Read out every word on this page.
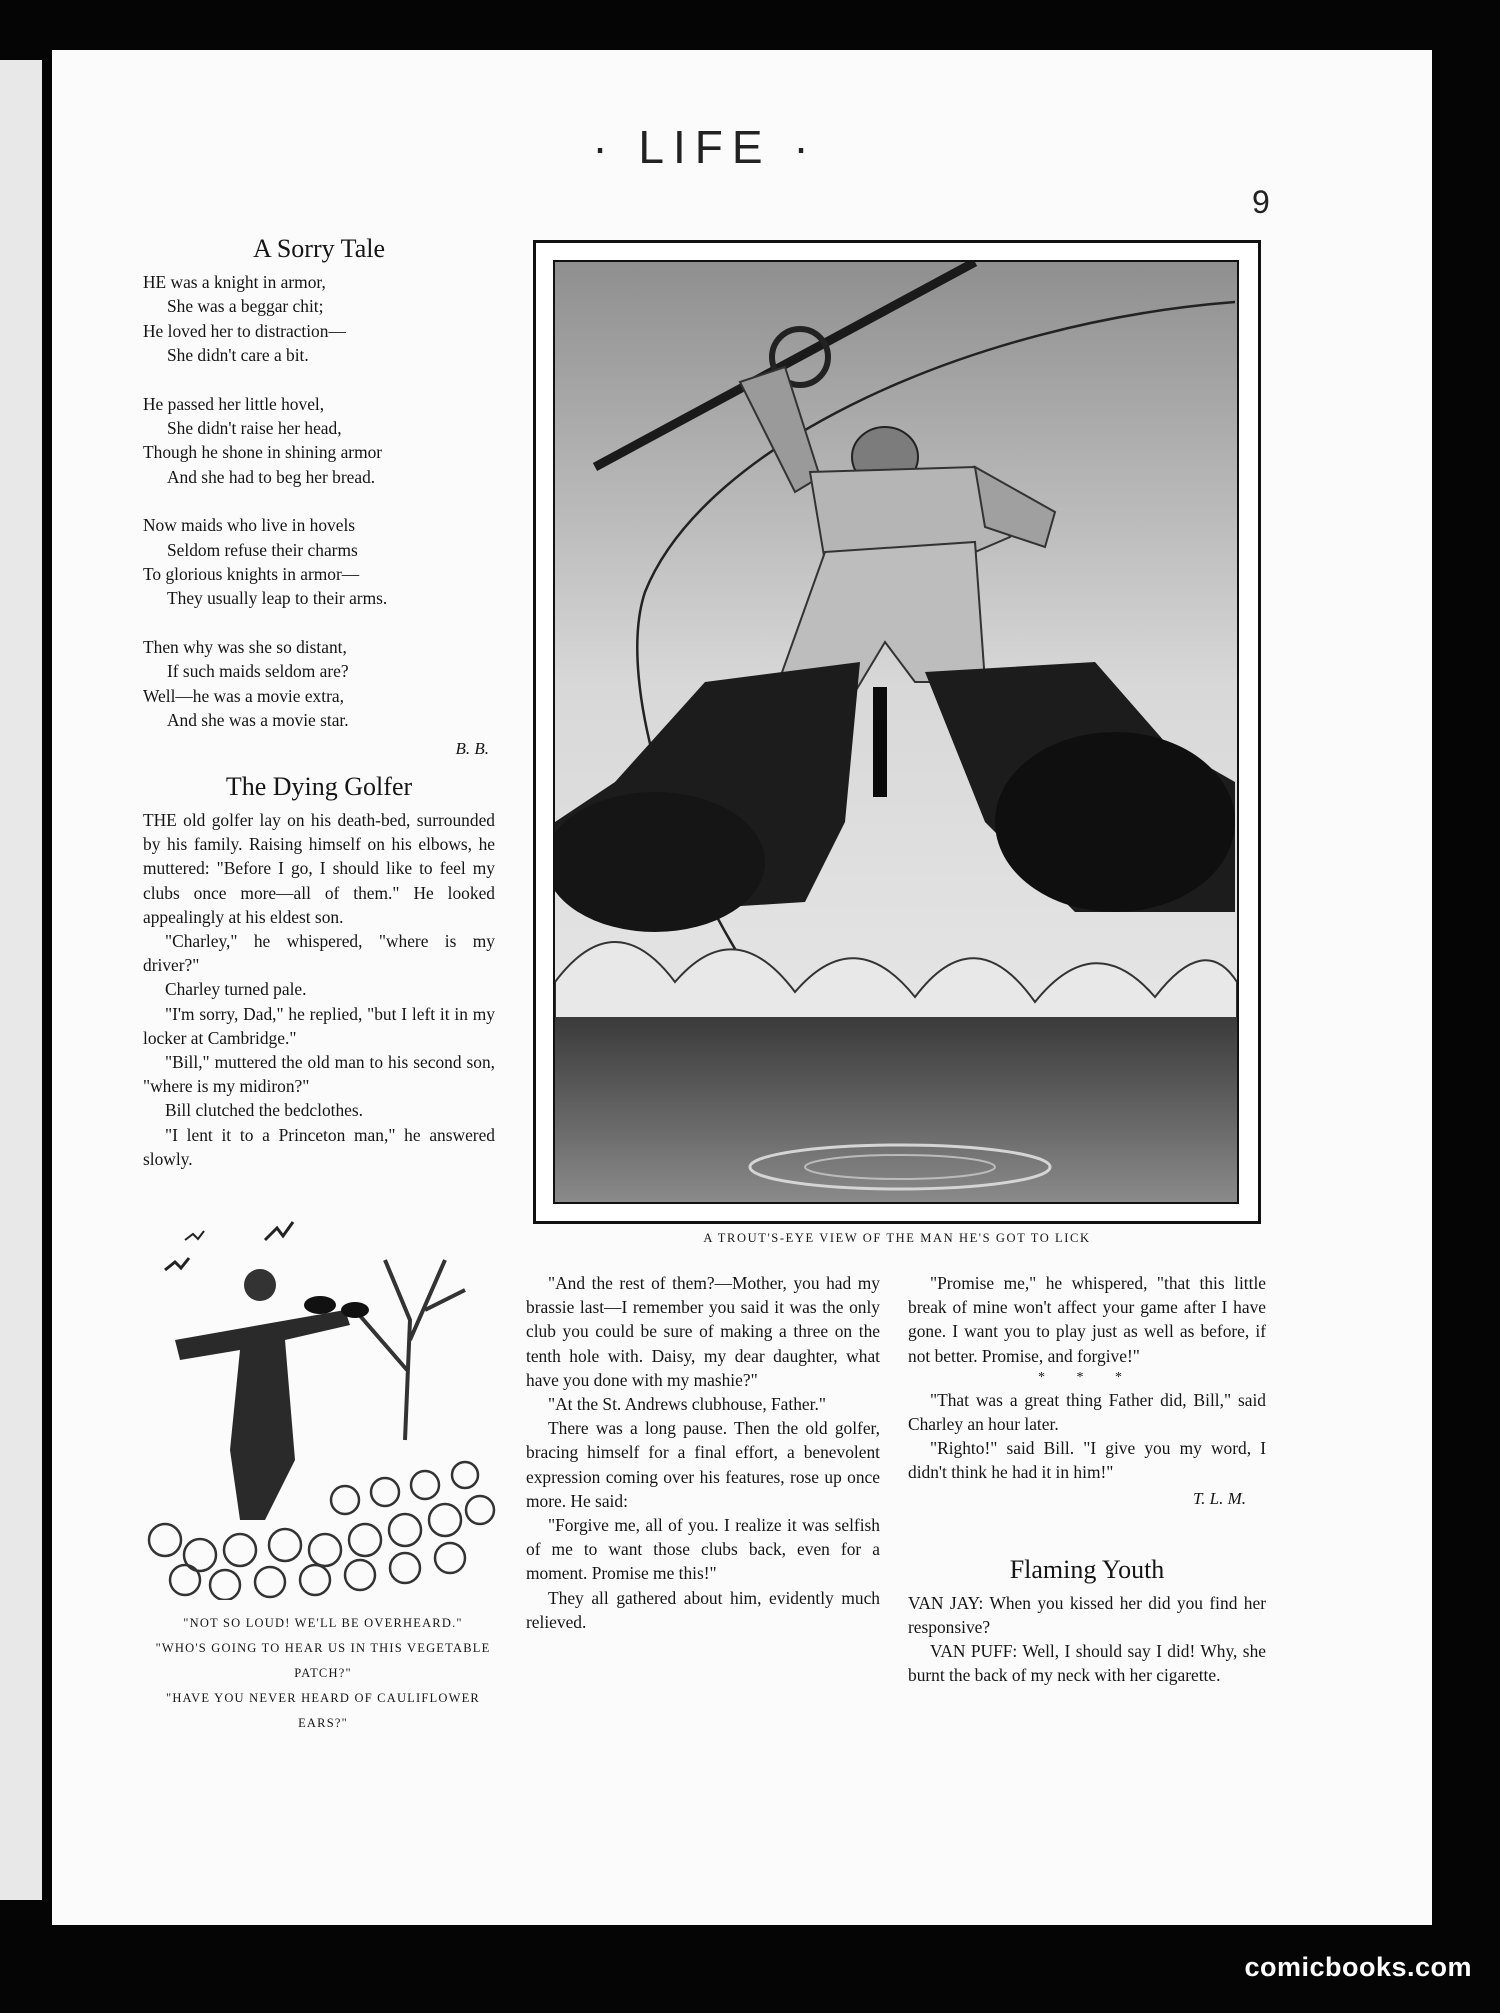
· LIFE ·
9
A Sorry Tale

HE was a knight in armor,
She was a beggar chit;
He loved her to distraction—
She didn't care a bit.

He passed her little hovel,
She didn't raise her head,
Though he shone in shining armor
And she had to beg her bread.

Now maids who live in hovels
Seldom refuse their charms
To glorious knights in armor—
They usually leap to their arms.

Then why was she so distant,
If such maids seldom are?
Well—he was a movie extra,
And she was a movie star.

B. B.
The Dying Golfer

THE old golfer lay on his death-bed, surrounded by his family. Raising himself on his elbows, he muttered: "Before I go, I should like to feel my clubs once more—all of them." He looked appealingly at his eldest son.

"Charley," he whispered, "where is my driver?"

Charley turned pale.

"I'm sorry, Dad," he replied, "but I left it in my locker at Cambridge."

"Bill," muttered the old man to his second son, "where is my midiron?"

Bill clutched the bedclothes.

"I lent it to a Princeton man," he answered slowly.

A TROUT'S-EYE VIEW OF THE MAN HE'S GOT TO LICK
"NOT SO LOUD! WE'LL BE OVERHEARD."
"WHO'S GOING TO HEAR US IN THIS VEGETABLE PATCH?"
"HAVE YOU NEVER HEARD OF CAULIFLOWER EARS?"

"And the rest of them?—Mother, you had my brassie last—I remember you said it was the only club you could be sure of making a three on the tenth hole with. Daisy, my dear daughter, what have you done with my mashie?"

"At the St. Andrews clubhouse, Father."

There was a long pause. Then the old golfer, bracing himself for a final effort, a benevolent expression coming over his features, rose up once more. He said:

"Forgive me, all of you. I realize it was selfish of me to want those clubs back, even for a moment. Promise me this!"

They all gathered about him, evidently much relieved.

"Promise me," he whispered, "that this little break of mine won't affect your game after I have gone. I want you to play just as well as before, if not better. Promise, and forgive!"

* * *

"That was a great thing Father did, Bill," said Charley an hour later.

"Righto!" said Bill. "I give you my word, I didn't think he had it in him!"

T. L. M.
Flaming Youth

VAN JAY: When you kissed her did you find her responsive?

VAN PUFF: Well, I should say I did! Why, she burnt the back of my neck with her cigarette.

comicbooks.com
